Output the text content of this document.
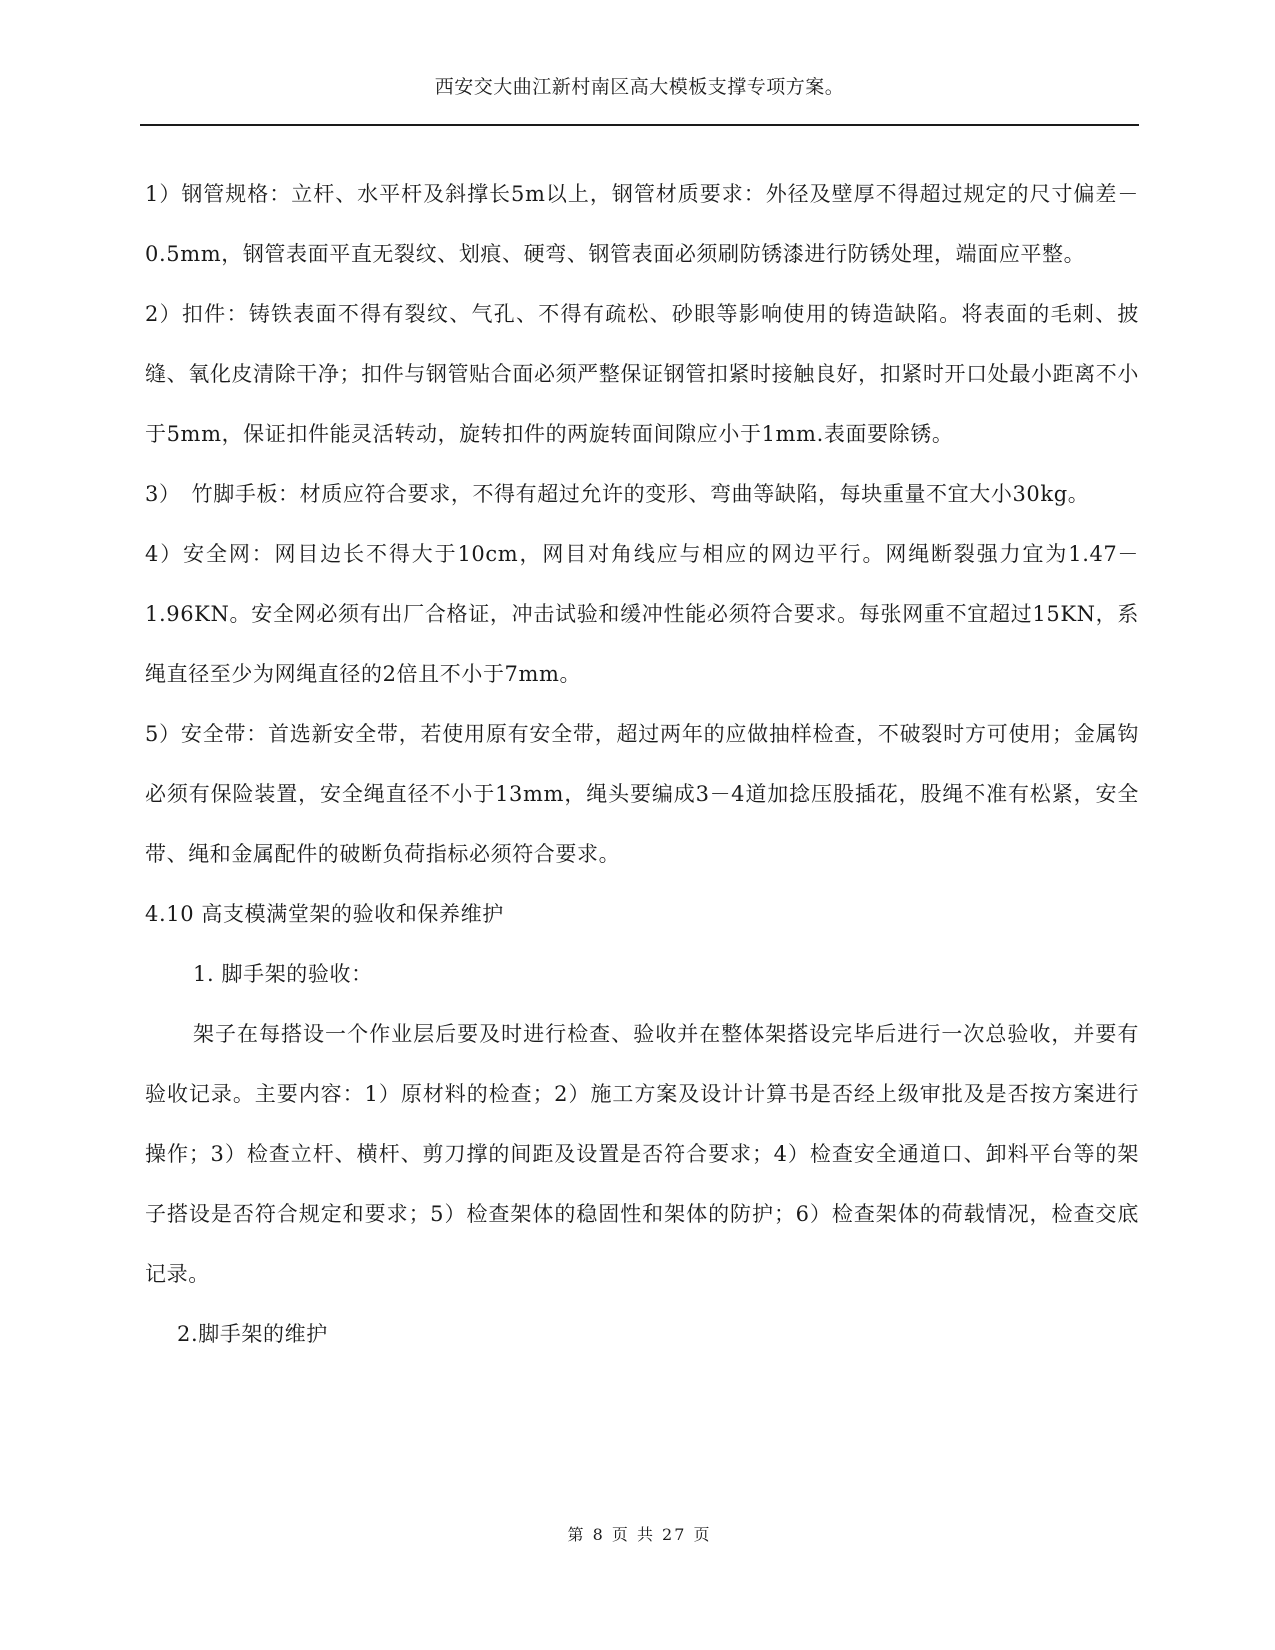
西安交大曲江新村南区高大模板支撑专项方案。

1）钢管规格：立杆、水平杆及斜撑长5m以上，钢管材质要求：外径及壁厚不得超过规定的尺寸偏差－0.5mm，钢管表面平直无裂纹、划痕、硬弯、钢管表面必须刷防锈漆进行防锈处理，端面应平整。

2）扣件：铸铁表面不得有裂纹、气孔、不得有疏松、砂眼等影响使用的铸造缺陷。将表面的毛刺、披缝、氧化皮清除干净；扣件与钢管贴合面必须严整保证钢管扣紧时接触良好，扣紧时开口处最小距离不小于5mm，保证扣件能灵活转动，旋转扣件的两旋转面间隙应小于1mm.表面要除锈。

3）　竹脚手板：材质应符合要求，不得有超过允许的变形、弯曲等缺陷，每块重量不宜大小30kg。

4）安全网：网目边长不得大于10cm，网目对角线应与相应的网边平行。网绳断裂强力宜为1.47－1.96KN。安全网必须有出厂合格证，冲击试验和缓冲性能必须符合要求。每张网重不宜超过15KN，系绳直径至少为网绳直径的2倍且不小于7mm。

5）安全带：首选新安全带，若使用原有安全带，超过两年的应做抽样检查，不破裂时方可使用；金属钩必须有保险装置，安全绳直径不小于13mm，绳头要编成3－4道加捻压股插花，股绳不准有松紧，安全带、绳和金属配件的破断负荷指标必须符合要求。

4.10 高支模满堂架的验收和保养维护

1. 脚手架的验收：

架子在每搭设一个作业层后要及时进行检查、验收并在整体架搭设完毕后进行一次总验收，并要有验收记录。主要内容：1）原材料的检查；2）施工方案及设计计算书是否经上级审批及是否按方案进行操作；3）检查立杆、横杆、剪刀撑的间距及设置是否符合要求；4）检查安全通道口、卸料平台等的架子搭设是否符合规定和要求；5）检查架体的稳固性和架体的防护；6）检查架体的荷载情况，检查交底记录。

2.脚手架的维护

第 8 页 共 27 页
